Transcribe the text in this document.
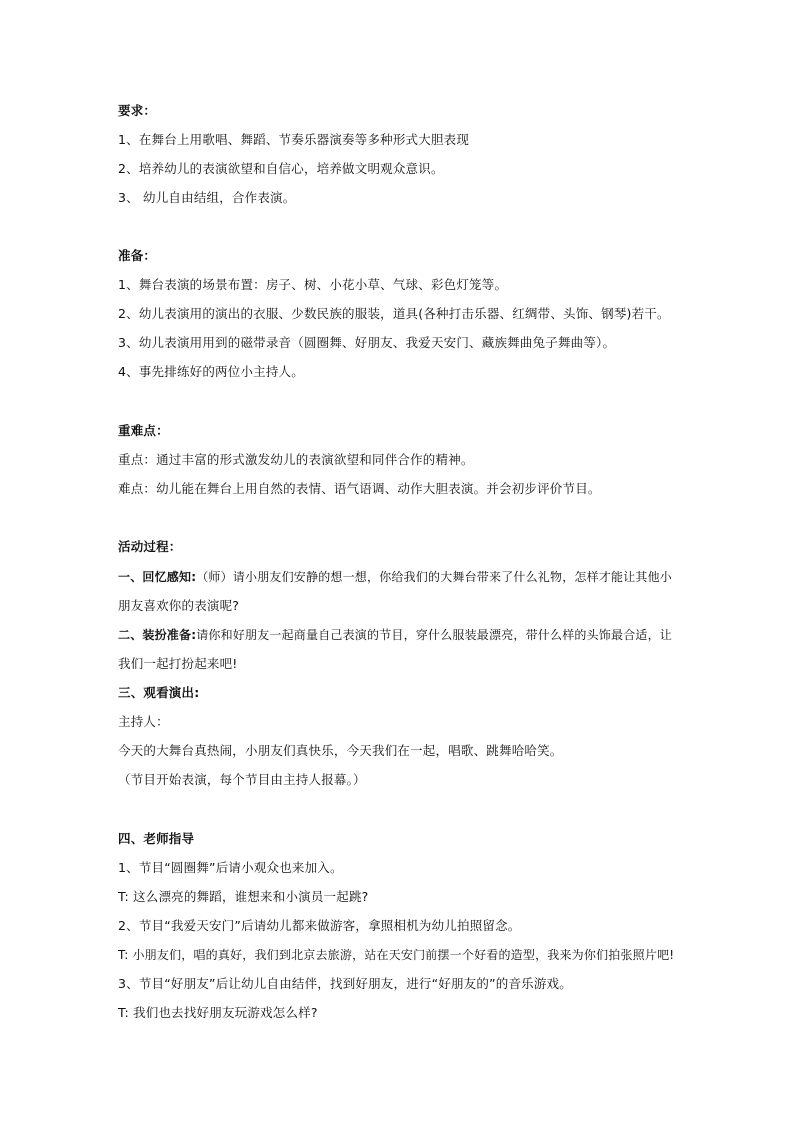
要求：
1、在舞台上用歌唱、舞蹈、节奏乐器演奏等多种形式大胆表现
2、培养幼儿的表演欲望和自信心，培养做文明观众意识。
3、 幼儿自由结组，合作表演。
准备：
1、舞台表演的场景布置：房子、树、小花小草、气球、彩色灯笼等。
2、幼儿表演用的演出的衣服、少数民族的服装，道具(各种打击乐器、红绸带、头饰、钢琴)若干。
3、幼儿表演用用到的磁带录音（圆圈舞、好朋友、我爱天安门、藏族舞曲兔子舞曲等）。
4、事先排练好的两位小主持人。
重难点：
重点：通过丰富的形式激发幼儿的表演欲望和同伴合作的精神。
难点：幼儿能在舞台上用自然的表情、语气语调、动作大胆表演。并会初步评价节目。
活动过程：
一、回忆感知:（师）请小朋友们安静的想一想，你给我们的大舞台带来了什么礼物，怎样才能让其他小
朋友喜欢你的表演呢?
二、装扮准备:请你和好朋友一起商量自己表演的节目，穿什么服装最漂亮，带什么样的头饰最合适，让
我们一起打扮起来吧!
三、观看演出:
主持人：
今天的大舞台真热闹，小朋友们真快乐，今天我们在一起，唱歌、跳舞哈哈笑。
（节目开始表演，每个节目由主持人报幕。）
四、老师指导
1、节目“圆圈舞”后请小观众也来加入。
T: 这么漂亮的舞蹈，谁想来和小演员一起跳?
2、节目“我爱天安门”后请幼儿都来做游客，拿照相机为幼儿拍照留念。
T: 小朋友们，唱的真好，我们到北京去旅游，站在天安门前摆一个好看的造型，我来为你们拍张照片吧!
3、节目“好朋友”后让幼儿自由结伴，找到好朋友，进行“好朋友的”的音乐游戏。
T: 我们也去找好朋友玩游戏怎么样?
